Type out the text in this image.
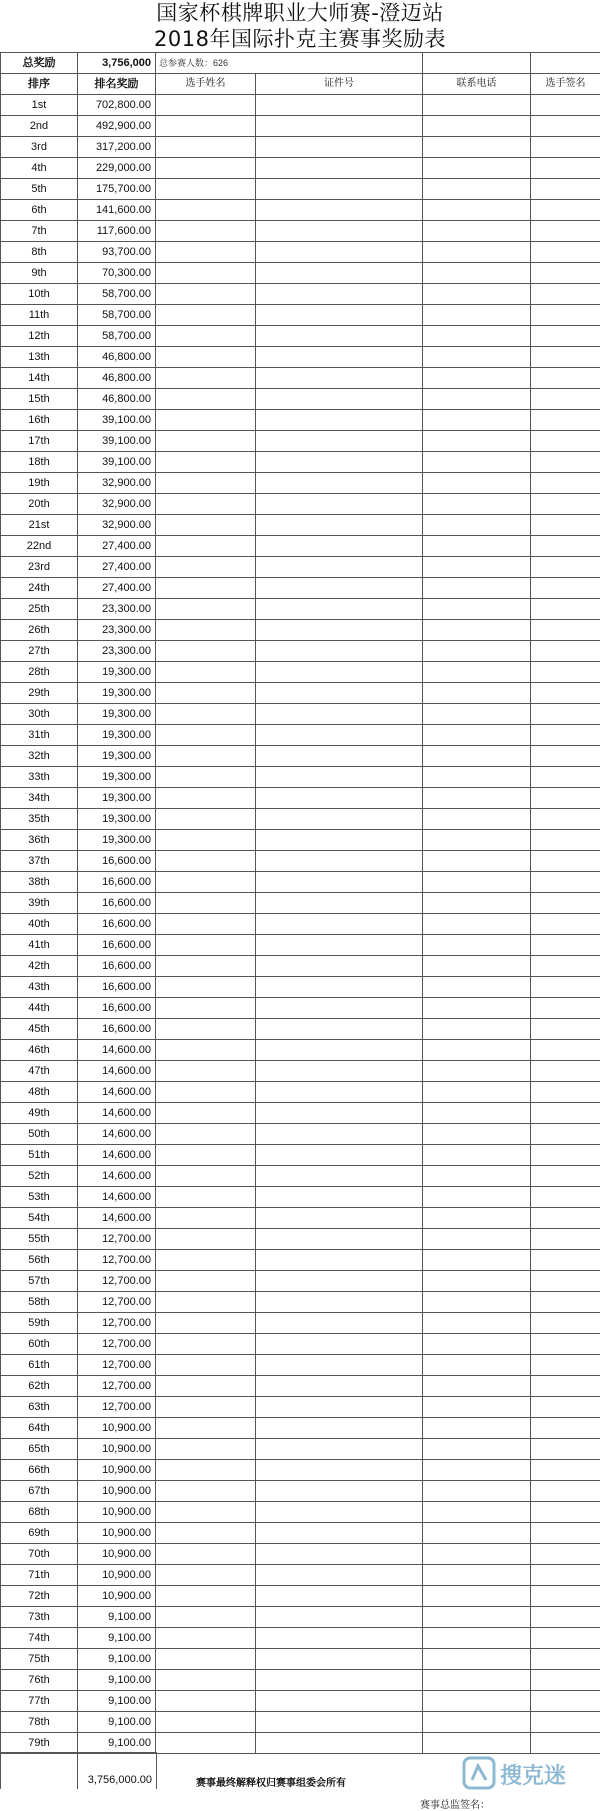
国家杯棋牌职业大师赛-澄迈站
2018年国际扑克主赛事奖励表
总奖励	3,756,000	总参赛人数：626			
排序	排名奖励	选手姓名	证件号	联系电话	选手签名
1st	702,800.00				
2nd	492,900.00				
3rd	317,200.00				
4th	229,000.00				
5th	175,700.00				
6th	141,600.00				
7th	117,600.00				
8th	93,700.00				
9th	70,300.00				
10th	58,700.00				
11th	58,700.00				
12th	58,700.00				
13th	46,800.00				
14th	46,800.00				
15th	46,800.00				
16th	39,100.00				
17th	39,100.00				
18th	39,100.00				
19th	32,900.00				
20th	32,900.00				
21st	32,900.00				
22nd	27,400.00				
23rd	27,400.00				
24th	27,400.00				
25th	23,300.00				
26th	23,300.00				
27th	23,300.00				
28th	19,300.00				
29th	19,300.00				
30th	19,300.00				
31th	19,300.00				
32th	19,300.00				
33th	19,300.00				
34th	19,300.00				
35th	19,300.00				
36th	19,300.00				
37th	16,600.00				
38th	16,600.00				
39th	16,600.00				
40th	16,600.00				
41th	16,600.00				
42th	16,600.00				
43th	16,600.00				
44th	16,600.00				
45th	16,600.00				
46th	14,600.00				
47th	14,600.00				
48th	14,600.00				
49th	14,600.00				
50th	14,600.00				
51th	14,600.00				
52th	14,600.00				
53th	14,600.00				
54th	14,600.00				
55th	12,700.00				
56th	12,700.00				
57th	12,700.00				
58th	12,700.00				
59th	12,700.00				
60th	12,700.00				
61th	12,700.00				
62th	12,700.00				
63th	12,700.00				
64th	10,900.00				
65th	10,900.00				
66th	10,900.00				
67th	10,900.00				
68th	10,900.00				
69th	10,900.00				
70th	10,900.00				
71th	10,900.00				
72th	10,900.00				
73th	9,100.00				
74th	9,100.00				
75th	9,100.00				
76th	9,100.00				
77th	9,100.00				
78th	9,100.00				
79th	9,100.00				
3,756,000.00	赛事最终解释权归赛事组委会所有
赛事总监签名：
搜克迷
